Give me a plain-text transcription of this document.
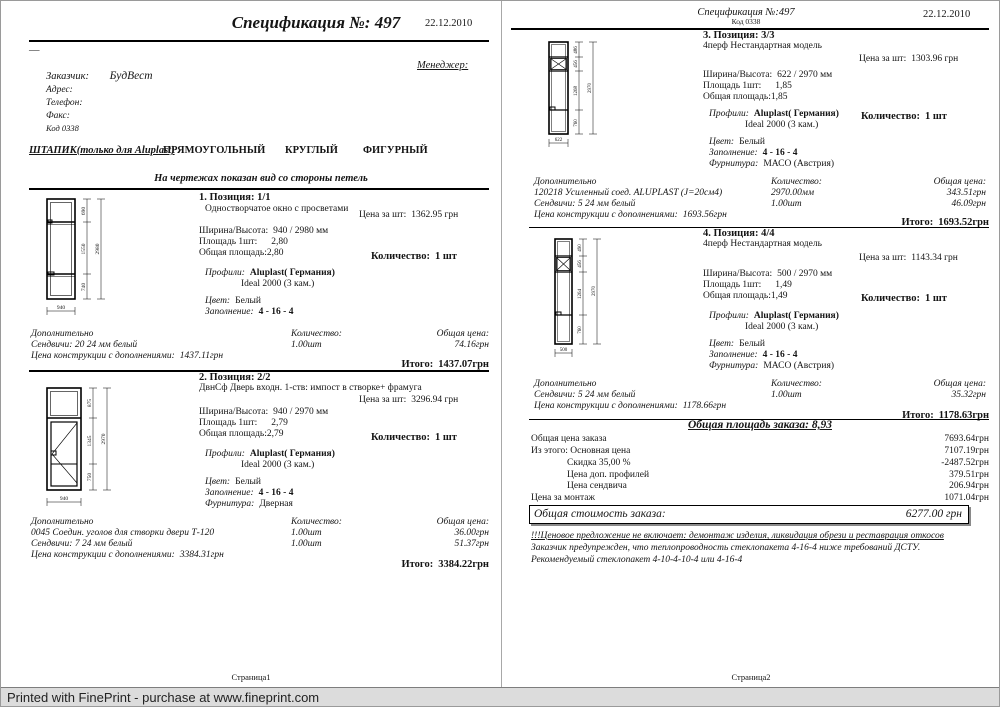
Спецификация №: 497	22.12.2010
—
Менеджер:
Заказчик: БудВест
Адрес:
Телефон:
Факс:
Код 0338
ШТАПИК(только для Aluplast)
ПРЯМОУГОЛЬНЫЙ КРУГЛЫЙ ФИГУРНЫЙ
На чертежах показан вид со стороны петель
690
1550
740
2980
940
1. Позиция: 1/1
Одностворчатое окно с просветами
Цена за шт: 1362.95 грн
Ширина/Высота: 940 / 2980 мм
Площадь 1шт: 2,80
Общая площадь:2,80	Количество: 1 шт
Профили: Aluplast( Германия)
Ideal 2000 (3 кам.)
Цвет: Белый
Заполнение: 4 - 16 - 4
Дополнительно	Количество:	Общая цена:
Сендвичи: 20 24 мм белый	1.00шт	74.16грн
Цена конструкции с дополнениями: 1437.11грн
Итого: 1437.07грн
875
1345
750
2970
940
2. Позиция: 2/2
ДвнСф Дверь входн. 1-ств: импост в створке+ фрамуга
Цена за шт: 3296.94 грн
Ширина/Высота: 940 / 2970 мм
Площадь 1шт: 2,79
Общая площадь:2,79	Количество: 1 шт
Профили: Aluplast( Германия)
Ideal 2000 (3 кам.)
Цвет: Белый
Заполнение: 4 - 16 - 4
Фурнитура: Дверная
Дополнительно	Количество:	Общая цена:
0045 Соедин. уголов для створки двери Т-120	1.00шт	36.00грн
Сендвичи: 7 24 мм белый	1.00шт	51.37грн
Цена конструкции с дополнениями: 3384.31грн
Итого: 3384.22грн
Страница1
Спецификация №:497
Код 0338
22.12.2010
486
456
1268
760
2970
622
3. Позиция: 3/3
4перф Нестандартная модель
Цена за шт: 1303.96 грн
Ширина/Высота: 622 / 2970 мм
Площадь 1шт: 1,85
Общая площадь:1,85
Количество: 1 шт
Профили: Aluplast( Германия)
Ideal 2000 (3 кам.)
Цвет: Белый
Заполнение: 4 - 16 - 4
Фурнитура: МАСО (Австрия)
Дополнительно	Количество:	Общая цена:
120218 Усиленный соед. ALUPLAST (J=20см4)	2970.00мм	343.51грн
Сендвичи: 5 24 мм белый	1.00шт	46.09грн
Цена конструкции с дополнениями: 1693.56грн
Итого: 1693.52грн
490
456
1264
760
2970
500
4. Позиция: 4/4
4перф Нестандартная модель
Цена за шт: 1143.34 грн
Ширина/Высота: 500 / 2970 мм
Площадь 1шт: 1,49
Общая площадь:1,49	Количество: 1 шт
Профили: Aluplast( Германия)
Ideal 2000 (3 кам.)
Цвет: Белый
Заполнение: 4 - 16 - 4
Фурнитура: МАСО (Австрия)
Дополнительно	Количество:	Общая цена:
Сендвичи: 5 24 мм белый	1.00шт	35.32грн
Цена конструкции с дополнениями: 1178.66грн
Итого: 1178.63грн
Общая площадь заказа: 8,93
Общая цена заказа	7693.64грн
Из этого: Основная цена	7107.19грн
Скидка 35,00 %	-2487.52грн
Цена доп. профилей	379.51грн
Цена сендвича	206.94грн
Цена за монтаж	1071.04грн
Общая стоимость заказа:	6277.00 грн
!!!Ценовое предложение не включает: демонтаж изделия, ликвидация обрези и реставрация откосов
Заказчик предупрежден, что теплопроводность стеклопакета 4-16-4 ниже требований ДСТУ.
Рекомендуемый стеклопакет 4-10-4-10-4 или 4-16-4
Страница2
Printed with FinePrint - purchase at www.fineprint.com
